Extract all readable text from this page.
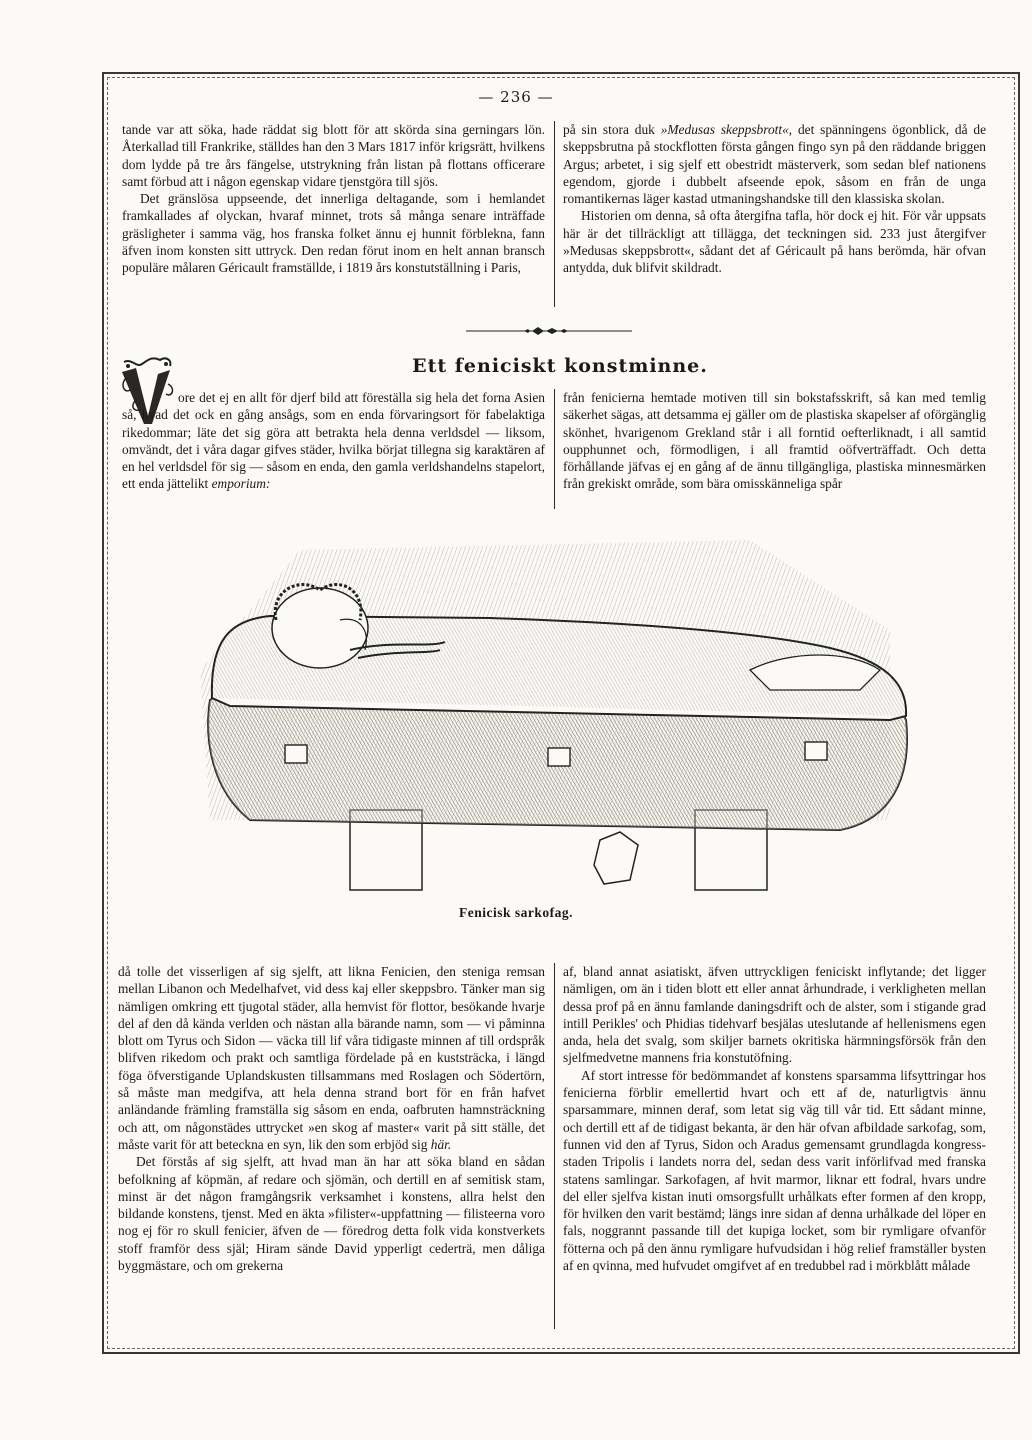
— 236 —

tande var att söka, hade räddat sig blott för att skörda sina gerningars lön. Återkallad till Frankrike, ställdes han den 3 Mars 1817 inför krigsrätt, hvilkens dom lydde på tre års fängelse, utstrykning från listan på flottans officerare samt förbud att i någon egenskap vidare tjenstgöra till sjös.

Det gränslösa uppseende, det innerliga deltagande, som i hemlandet framkallades af olyckan, hvaraf minnet, trots så många senare inträffade gräsligheter i samma väg, hos franska folket ännu ej hunnit förblekna, fann äfven inom konsten sitt uttryck. Den redan förut inom en helt annan bransch populäre målaren Géricault framställde, i 1819 års konstutställning i Paris,

på sin stora duk »Medusas skeppsbrott«, det spänningens ögonblick, då de skeppsbrutna på stockflotten första gången fingo syn på den räddande briggen Argus; arbetet, i sig sjelf ett obestridt mästerverk, som sedan blef nationens egendom, gjorde i dubbelt afseende epok, såsom en från de unga romantikernas läger kastad utmaningshandske till den klassiska skolan.

Historien om denna, så ofta återgifna tafla, hör dock ej hit. För vår uppsats här är det tillräckligt att tillägga, det teckningen sid. 233 just återgifver »Medusas skeppsbrott«, sådant det af Géricault på hans berömda, här ofvan antydda, duk blifvit skildradt.

Ett feniciskt konstminne.

ore det ej en allt för djerf bild att föreställa sig hela det forna Asien så, hvad det ock en gång ansågs, som en enda förvaringsort för fabelaktiga rikedommar; läte det sig göra att betrakta hela denna verldsdel — liksom, omvändt, det i våra dagar gifves städer, hvilka börjat tillegna sig karaktären af en hel verldsdel för sig — såsom en enda, den gamla verldshandelns stapelort, ett enda jättelikt emporium:

från fenicierna hemtade motiven till sin bokstafsskrift, så kan med temlig säkerhet sägas, att detsamma ej gäller om de plastiska skapelser af oförgänglig skönhet, hvarigenom Grekland står i all forntid oefterliknadt, i all samtid oupphunnet och, förmodligen, i all framtid oöfverträffadt. Och detta förhållande jäfvas ej en gång af de ännu tillgängliga, plastiska minnesmärken från grekiskt område, som bära omisskänneliga spår

Fenicisk sarkofag.

då tolle det visserligen af sig sjelft, att likna Fenicien, den steniga remsan mellan Libanon och Medelhafvet, vid dess kaj eller skeppsbro. Tänker man sig nämligen omkring ett tjugotal städer, alla hemvist för flottor, besökande hvarje del af den då kända verlden och nästan alla bärande namn, som — vi påminna blott om Tyrus och Sidon — väcka till lif våra tidigaste minnen af till ordspråk blifven rikedom och prakt och samtliga fördelade på en kuststräcka, i längd föga öfverstigande Uplandskusten tillsammans med Roslagen och Södertörn, så måste man medgifva, att hela denna strand bort för en från hafvet anländande främling framställa sig såsom en enda, oafbruten hamnsträckning och att, om någonstädes uttrycket »en skog af master« varit på sitt ställe, det måste varit för att beteckna en syn, lik den som erbjöd sig här.

Det förstås af sig sjelft, att hvad man än har att söka bland en sådan befolkning af köpmän, af redare och sjömän, och dertill en af semitisk stam, minst är det någon framgångsrik verksamhet i konstens, allra helst den bildande konstens, tjenst. Med en äkta »filister«-uppfattning — filisteerna voro nog ej för ro skull fenicier, äfven de — föredrog detta folk vida konstverkets stoff framför dess själ; Hiram sände David ypperligt cederträ, men dåliga byggmästare, och om grekerna

af, bland annat asiatiskt, äfven uttryckligen feniciskt inflytande; det ligger nämligen, om än i tiden blott ett eller annat århundrade, i verkligheten mellan dessa prof på en ännu famlande daningsdrift och de alster, som i stigande grad intill Perikles' och Phidias tidehvarf besjälas uteslutande af hellenismens egen anda, hela det svalg, som skiljer barnets okritiska härmningsförsök från den sjelfmedvetne mannens fria konstutöfning.

Af stort intresse för bedömmandet af konstens sparsamma lifsyttringar hos fenicierna förblir emellertid hvart och ett af de, naturligtvis ännu sparsammare, minnen deraf, som letat sig väg till vår tid. Ett sådant minne, och dertill ett af de tidigast bekanta, är den här ofvan afbildade sarkofag, som, funnen vid den af Tyrus, Sidon och Aradus gemensamt grundlagda kongress-staden Tripolis i landets norra del, sedan dess varit införlifvad med franska statens samlingar. Sarkofagen, af hvit marmor, liknar ett fodral, hvars undre del eller sjelfva kistan inuti omsorgsfullt urhålkats efter formen af den kropp, för hvilken den varit bestämd; längs inre sidan af denna urhålkade del löper en fals, noggrannt passande till det kupiga locket, som bir rymligare ofvanför fötterna och på den ännu rymligare hufvudsidan i hög relief framställer bysten af en qvinna, med hufvudet omgifvet af en tredubbel rad i mörkblått målade
